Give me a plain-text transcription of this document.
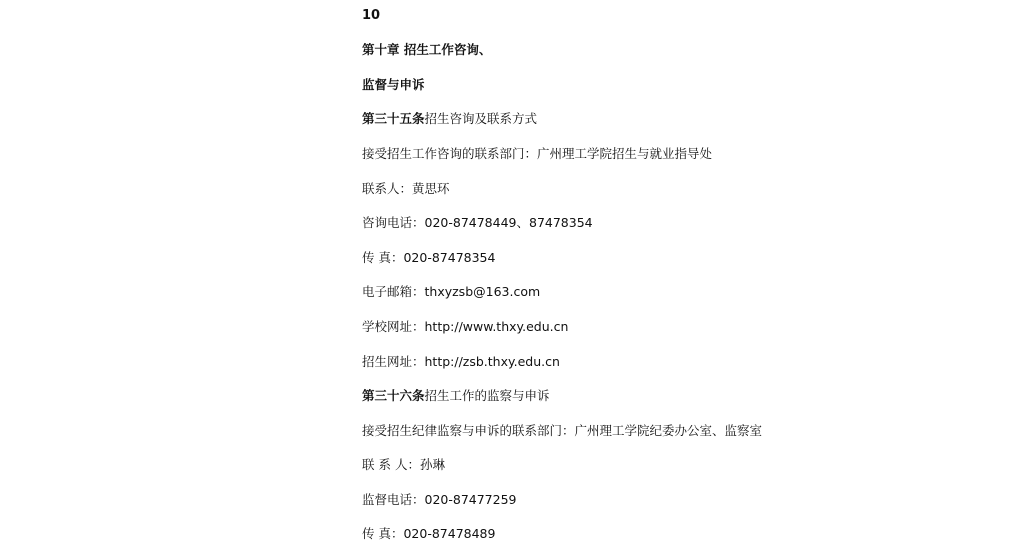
10
第十章 招生工作咨询、
监督与申诉
第三十五条招生咨询及联系方式
接受招生工作咨询的联系部门：广州理工学院招生与就业指导处
联系人：黄思环
咨询电话：020-87478449、87478354
传 真：020-87478354
电子邮箱：thxyzsb@163.com
学校网址：http://www.thxy.edu.cn
招生网址：http://zsb.thxy.edu.cn
第三十六条招生工作的监察与申诉
接受招生纪律监察与申诉的联系部门：广州理工学院纪委办公室、监察室
联 系 人：孙琳
监督电话：020-87477259
传 真：020-87478489
